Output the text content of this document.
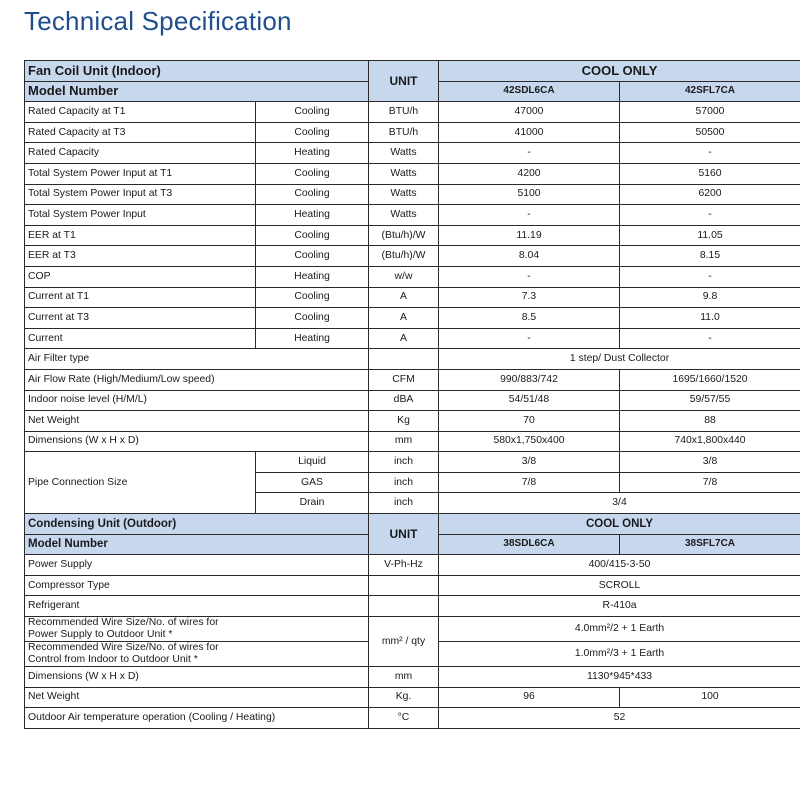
Technical Specification
Fan Coil Unit (Indoor)		UNIT	COOL ONLY	
Model Number			42SDL6CA	42SFL7CA
Rated Capacity at T1	Cooling	BTU/h	47000	57000
Rated Capacity at T3	Cooling	BTU/h	41000	50500
Rated Capacity	Heating	Watts	-	-
Total System Power Input at T1	Cooling	Watts	4200	5160
Total System Power Input at T3	Cooling	Watts	5100	6200
Total System Power Input	Heating	Watts	-	-
EER at T1	Cooling	(Btu/h)/W	11.19	11.05
EER at T3	Cooling	(Btu/h)/W	8.04	8.15
COP	Heating	w/w	-	-
Current at T1	Cooling	A	7.3	9.8
Current at T3	Cooling	A	8.5	11.0
Current	Heating	A	-	-
Air Filter type			1 step/ Dust Collector	
Air Flow Rate (High/Medium/Low speed)		CFM	990/883/742	1695/1660/1520
Indoor noise level (H/M/L)		dBA	54/51/48	59/57/55
Net Weight		Kg	70	88
Dimensions (W x H x D)		mm	580x1,750x400	740x1,800x440
Pipe Connection Size	Liquid	inch	3/8	3/8
	GAS	inch	7/8	7/8
	Drain	inch	3/4	
Condensing Unit (Outdoor)		UNIT	COOL ONLY	
Model Number			38SDL6CA	38SFL7CA
Power Supply		V-Ph-Hz	400/415-3-50	
Compressor Type			SCROLL	
Refrigerant			R-410a	

Recommended Wire Size/No. of wires for
Power Supply to Outdoor Unit *		mm² / qty	4.0mm²/2 + 1 Earth	

Recommended Wire Size/No. of wires for
Control from Indoor to Outdoor Unit *			1.0mm²/3 + 1 Earth	
Dimensions (W x H x D)		mm	1130*945*433	
Net Weight		Kg.	96	100
Outdoor Air temperature operation (Cooling / Heating)		°C	52	
